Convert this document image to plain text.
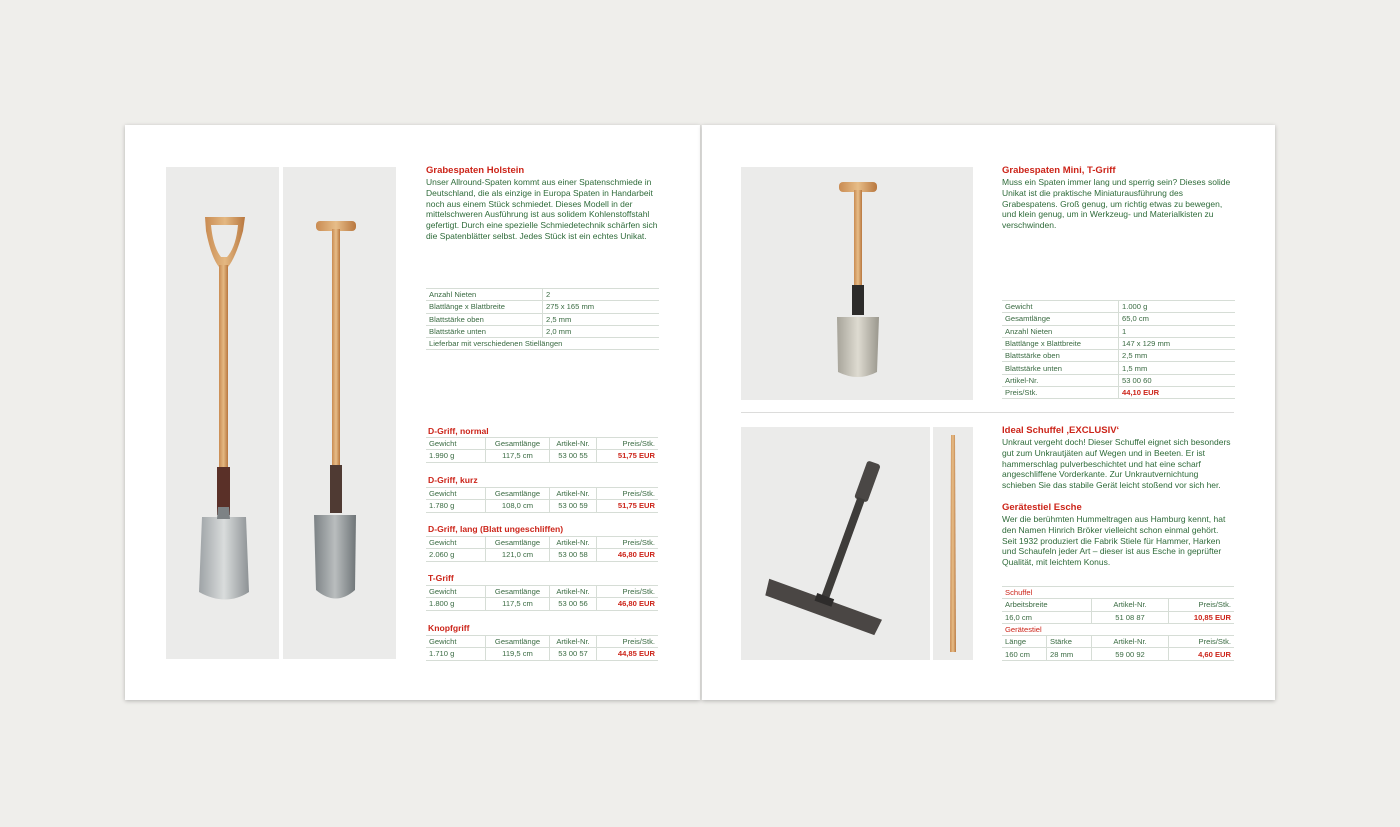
Grabespaten Holstein
Unser Allround-Spaten kommt aus einer Spatenschmiede in Deutschland, die als einzige in Europa Spaten in Handarbeit noch aus einem Stück schmiedet. Dieses Modell in der mittelschweren Ausführung ist aus solidem Kohlenstoffstahl gefertigt. Durch eine spezielle Schmiedetechnik schärfen sich die Spatenblätter selbst. Jedes Stück ist ein echtes Unikat.
Anzahl Nieten	2
Blattlänge x Blattbreite	275 x 165 mm
Blattstärke oben	2,5 mm
Blattstärke unten	2,0 mm
Lieferbar mit verschiedenen Stiellängen	
D-Griff, normal
Gewicht	Gesamtlänge	Artikel-Nr.	Preis/Stk.
1.990 g	117,5 cm	53 00 55	51,75 EUR
D-Griff, kurz
Gewicht	Gesamtlänge	Artikel-Nr.	Preis/Stk.
1.780 g	108,0 cm	53 00 59	51,75 EUR
D-Griff, lang (Blatt ungeschliffen)
Gewicht	Gesamtlänge	Artikel-Nr.	Preis/Stk.
2.060 g	121,0 cm	53 00 58	46,80 EUR
T-Griff
Gewicht	Gesamtlänge	Artikel-Nr.	Preis/Stk.
1.800 g	117,5 cm	53 00 56	46,80 EUR
Knopfgriff
Gewicht	Gesamtlänge	Artikel-Nr.	Preis/Stk.
1.710 g	119,5 cm	53 00 57	44,85 EUR
Grabespaten Mini, T-Griff
Muss ein Spaten immer lang und sperrig sein? Dieses solide Unikat ist die praktische Miniaturausführung des Grabespatens. Groß genug, um richtig etwas zu bewegen, und klein genug, um in Werkzeug- und Materialkisten zu verschwinden.
Gewicht	1.000 g
Gesamtlänge	65,0 cm
Anzahl Nieten	1
Blattlänge x Blattbreite	147 x 129 mm
Blattstärke oben	2,5 mm
Blattstärke unten	1,5 mm
Artikel-Nr.	53 00 60
Preis/Stk.	44,10 EUR
Ideal Schuffel ‚EXCLUSIV‘
Unkraut vergeht doch! Dieser Schuffel eignet sich besonders gut zum Unkrautjäten auf Wegen und in Beeten. Er ist hammerschlag pulverbeschichtet und hat eine scharf angeschliffene Vorderkante. Zur Unkrautvernichtung schieben Sie das stabile Gerät leicht stoßend vor sich her.
Gerätestiel Esche
Wer die berühmten Hummeltragen aus Hamburg kennt, hat den Namen Hinrich Bröker vielleicht schon einmal gehört. Seit 1932 produziert die Fabrik Stiele für Hammer, Harken und Schaufeln jeder Art – dieser ist aus Esche in geprüfter Qualität, mit leichtem Konus.
Schuffel			
Arbeitsbreite		Artikel-Nr.	Preis/Stk.
16,0 cm		51 08 87	10,85 EUR
Gerätestiel			
Länge	Stärke	Artikel-Nr.	Preis/Stk.
160 cm	28 mm	59 00 92	4,60 EUR
